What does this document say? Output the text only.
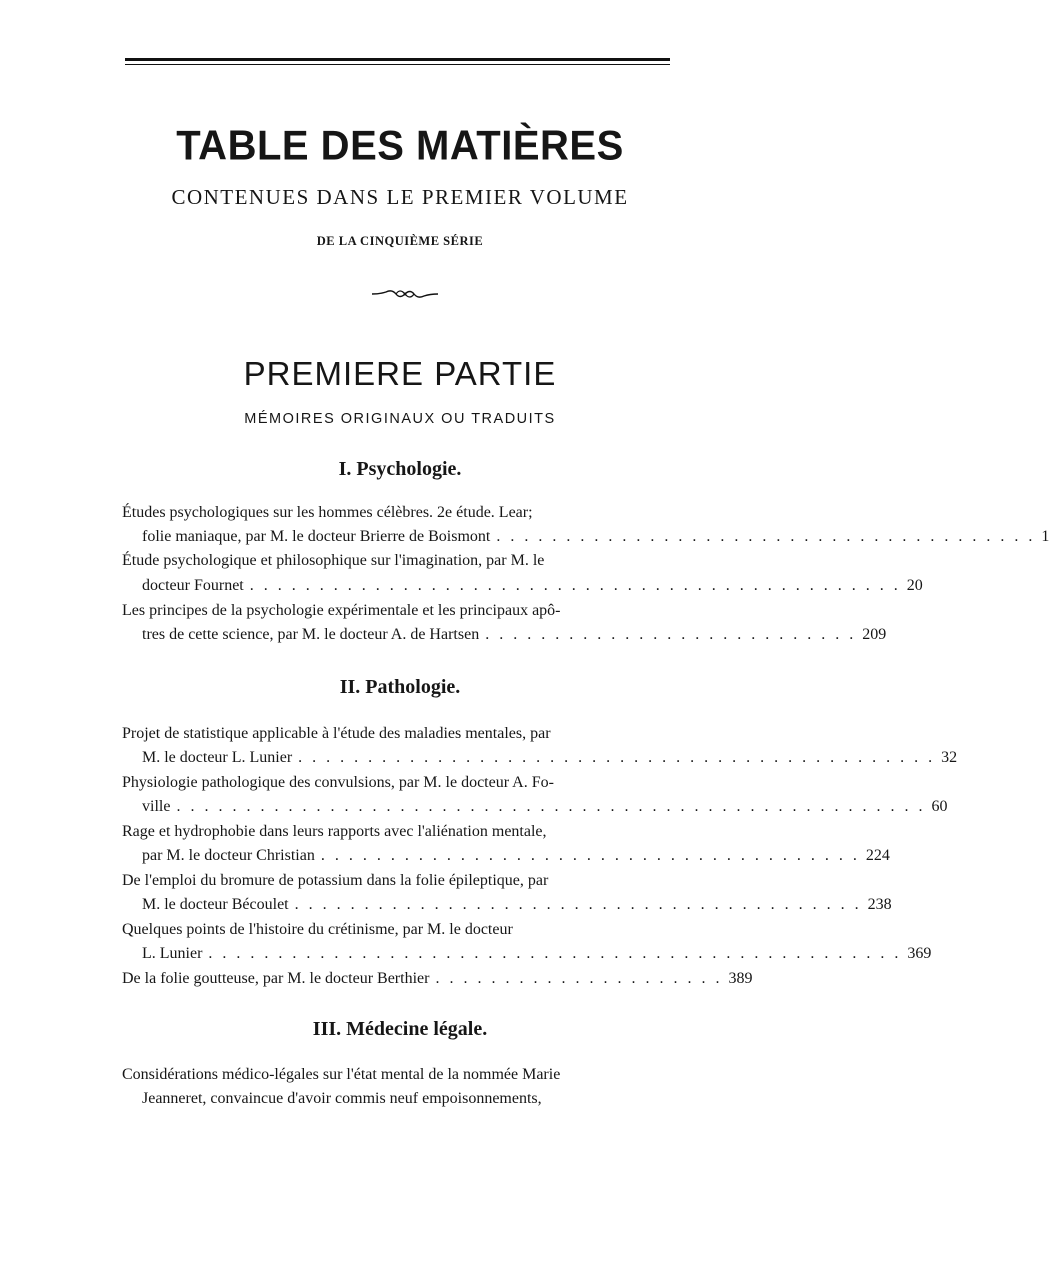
TABLE DES MATIÈRES
CONTENUES DANS LE PREMIER VOLUME
DE LA CINQUIÈME SÉRIE
PREMIERE PARTIE
MÉMOIRES ORIGINAUX OU TRADUITS
I. Psychologie.
Études psychologiques sur les hommes célèbres. 2e étude. Lear;
folie maniaque, par M. le docteur Brierre de Boismont . . . . . . . . . . . . . . . . . . . . . . . . . . . . . . . . . . . . . . . 1
Étude psychologique et philosophique sur l'imagination, par M. le
docteur Fournet . . . . . . . . . . . . . . . . . . . . . . . . . . . . . . . . . . . . . . . . . . . . . . . 20
Les principes de la psychologie expérimentale et les principaux apô-
tres de cette science, par M. le docteur A. de Hartsen . . . . . . . . . . . . . . . . . . . . . . . . . . . 209
II. Pathologie.
Projet de statistique applicable à l'étude des maladies mentales, par
M. le docteur L. Lunier . . . . . . . . . . . . . . . . . . . . . . . . . . . . . . . . . . . . . . . . . . . . . . 32
Physiologie pathologique des convulsions, par M. le docteur A. Fo-
ville . . . . . . . . . . . . . . . . . . . . . . . . . . . . . . . . . . . . . . . . . . . . . . . . . . . . . . 60
Rage et hydrophobie dans leurs rapports avec l'aliénation mentale,
par M. le docteur Christian . . . . . . . . . . . . . . . . . . . . . . . . . . . . . . . . . . . . . . . 224
De l'emploi du bromure de potassium dans la folie épileptique, par
M. le docteur Bécoulet . . . . . . . . . . . . . . . . . . . . . . . . . . . . . . . . . . . . . . . . . 238
Quelques points de l'histoire du crétinisme, par M. le docteur
L. Lunier . . . . . . . . . . . . . . . . . . . . . . . . . . . . . . . . . . . . . . . . . . . . . . . . . . 369
De la folie goutteuse, par M. le docteur Berthier . . . . . . . . . . . . . . . . . . . . . 389
III. Médecine légale.
Considérations médico-légales sur l'état mental de la nommée Marie
Jeanneret, convaincue d'avoir commis neuf empoisonnements,
